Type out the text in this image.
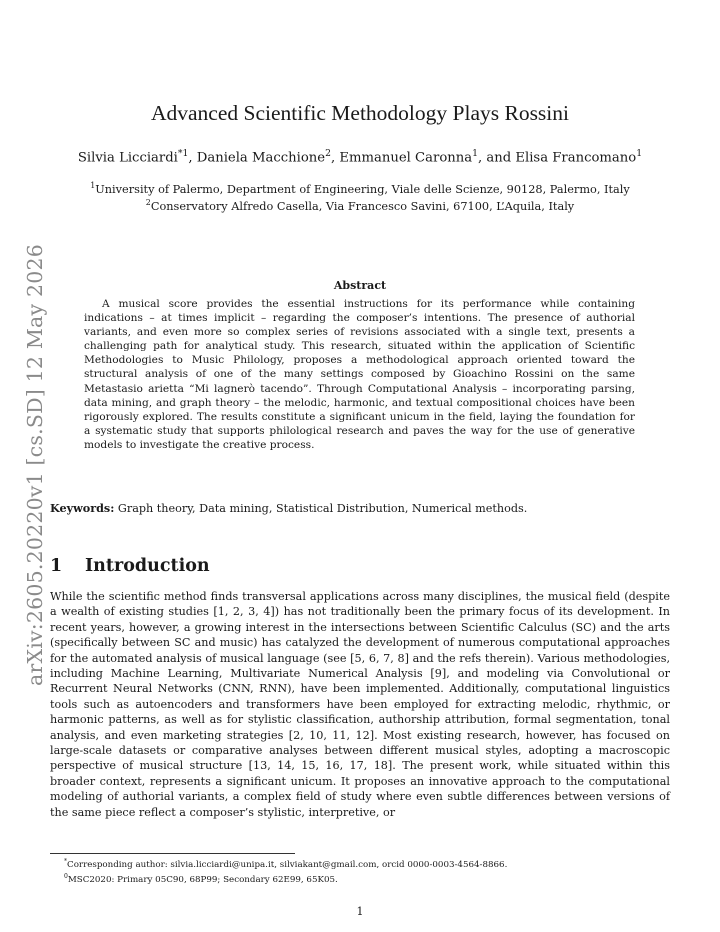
arXiv:2605.20220v1 [cs.SD] 12 May 2026
Advanced Scientific Methodology Plays Rossini
Silvia Licciardi$^{*1}$, Daniela Macchione$^2$, Emmanuel Caronna$^1$, and Elisa Francomano$^1$
$^1$University of Palermo, Department of Engineering, Viale delle Scienze, 90128, Palermo, Italy
$^2$Conservatory Alfredo Casella, Via Francesco Savini, 67100, L’Aquila, Italy
Abstract
A musical score provides the essential instructions for its performance while containing indications – at times implicit – regarding the composer’s intentions. The presence of authorial variants, and even more so complex series of revisions associated with a single text, presents a challenging path for analytical study. This research, situated within the application of Scientific Methodologies to Music Philology, proposes a methodological approach oriented toward the structural analysis of one of the many settings composed by Gioachino Rossini on the same Metastasio arietta “Mi lagnerò tacendo”. Through Computational Analysis – incorporating parsing, data mining, and graph theory – the melodic, harmonic, and textual compositional choices have been rigorously explored. The results constitute a significant unicum in the field, laying the foundation for a systematic study that supports philological research and paves the way for the use of generative models to investigate the creative process.
Keywords: Graph theory, Data mining, Statistical Distribution, Numerical methods.
1 Introduction
While the scientific method finds transversal applications across many disciplines, the musical field (despite a wealth of existing studies [1, 2, 3, 4]) has not traditionally been the primary focus of its development. In recent years, however, a growing interest in the intersections between Scientific Calculus (SC) and the arts (specifically between SC and music) has catalyzed the development of numerous computational approaches for the automated analysis of musical language (see [5, 6, 7, 8] and the refs therein). Various methodologies, including Machine Learning, Multivariate Numerical Analysis [9], and modeling via Convolutional or Recurrent Neural Networks (CNN, RNN), have been implemented. Additionally, computational linguistics tools such as autoencoders and transformers have been employed for extracting melodic, rhythmic, or harmonic patterns, as well as for stylistic classification, authorship attribution, formal segmentation, tonal analysis, and even marketing strategies [2, 10, 11, 12]. Most existing research, however, has focused on large-scale datasets or comparative analyses between different musical styles, adopting a macroscopic perspective of musical structure [13, 14, 15, 16, 17, 18]. The present work, while situated within this broader context, represents a significant unicum. It proposes an innovative approach to the computational modeling of authorial variants, a complex field of study where even subtle differences between versions of the same piece reflect a composer’s stylistic, interpretive, or
*Corresponding author: silvia.licciardi@unipa.it, silviakant@gmail.com, orcid 0000-0003-4564-8866.
$^0$MSC2020: Primary 05C90, 68P99; Secondary 62E99, 65K05.
1
